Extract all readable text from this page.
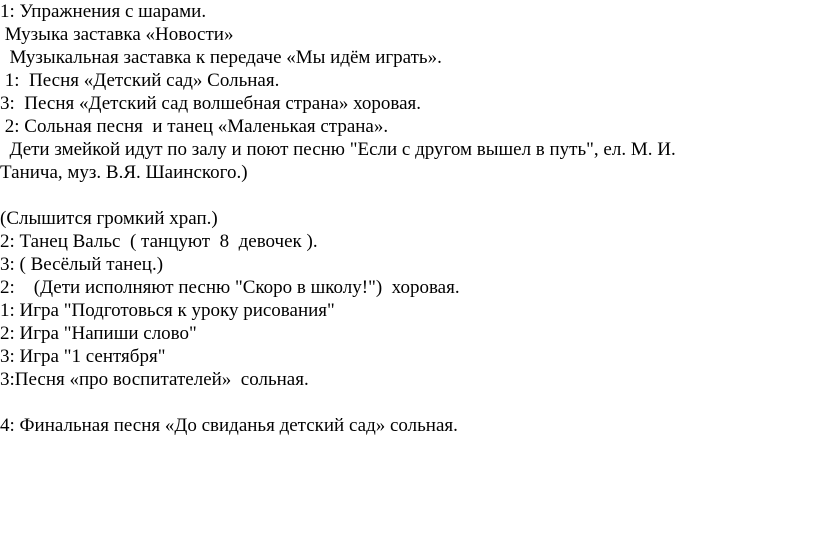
1: Упражнения с шарами.
Музыка заставка «Новости»
Музыкальная заставка к передаче «Мы идём играть».
1:  Песня «Детский сад» Сольная.
3:  Песня «Детский сад волшебная страна» хоровая.
2: Сольная песня  и танец «Маленькая страна».
Дети змейкой идут по залу и поют песню "Если с другом вышел в путь", ел. М. И.
Танича, муз. В.Я. Шаинского.)
(Слышится громкий храп.)
2: Танец Вальс  ( танцуют  8  девочек ).
3: ( Весёлый танец.)
2:    (Дети исполняют песню "Скоро в школу!")  хоровая.
1: Игра "Подготовься к уроку рисования"
2: Игра "Напиши слово"
3: Игра "1 сентября"
3:Песня «про воспитателей»  сольная.
4: Финальная песня «До свиданья детский сад» сольная.
